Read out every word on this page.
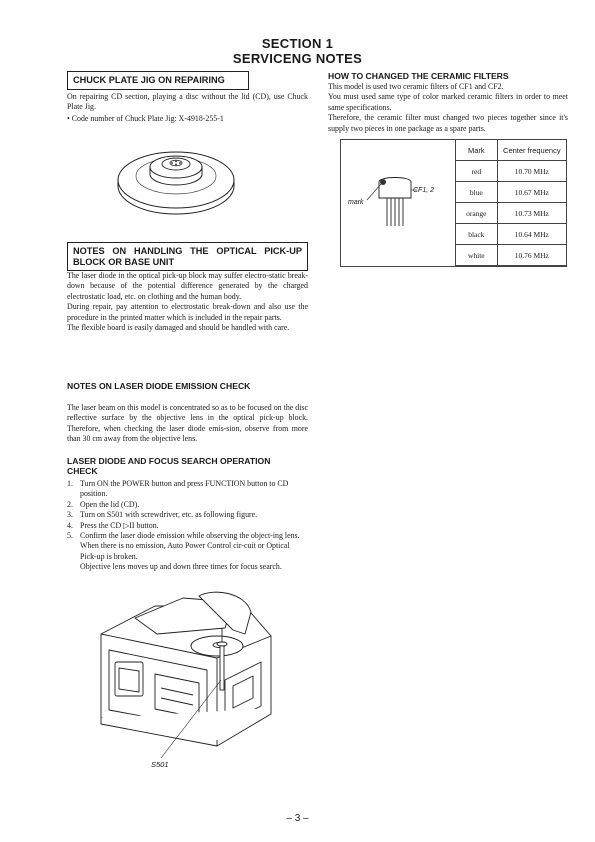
SECTION 1
SERVICENG NOTES
CHUCK PLATE JIG ON REPAIRING
On repairing CD section, playing a disc without the lid (CD), use Chuck Plate Jig.
• Code number of Chuck Plate Jig: X-4918-255-1
NOTES ON HANDLING THE OPTICAL PICK-UP
BLOCK OR BASE UNIT
The laser diode in the optical pick-up block may suffer electro-static break-down because of the potential difference generated by the charged electrostatic load, etc. on clothing and the human body.
During repair, pay attention to electrostatic break-down and also use the procedure in the printed matter which is included in the repair parts.
The flexible board is easily damaged and should be handled with care.
NOTES ON LASER DIODE EMISSION CHECK
The laser beam on this model is concentrated so as to be focused on the disc reflective surface by the objective lens in the optical pick-up block. Therefore, when checking the laser diode emis-sion, observe from more than 30 cm away from the objective lens.
LASER DIODE AND FOCUS SEARCH OPERATION
CHECK
1. Turn ON the POWER button and press FUNCTION button to CD position.
2. Open the lid (CD).
3. Turn on S501 with screwdriver, etc. as following figure.
4. Press the CD ▷II button.
5. Confirm the laser diode emission while observing the object-ing lens. When there is no emission, Auto Power Control cir-cuit or Optical Pick-up is broken.
Objective lens moves up and down three times for focus search.
S501
HOW TO CHANGED THE CERAMIC FILTERS
This model is used two ceramic filters of CF1 and CF2.
You must used same type of color marked ceramic filters in order to meet same specifications.
Therefore, the ceramic filter must changed two pieces together since it's supply two pieces in one package as a spare parts.
mark
CF1, 2
Mark	Center frequency
red	10.70 MHz
blue	10.67 MHz
orange	10.73 MHz
black	10.64 MHz
white	10.76 MHz
– 3 –
